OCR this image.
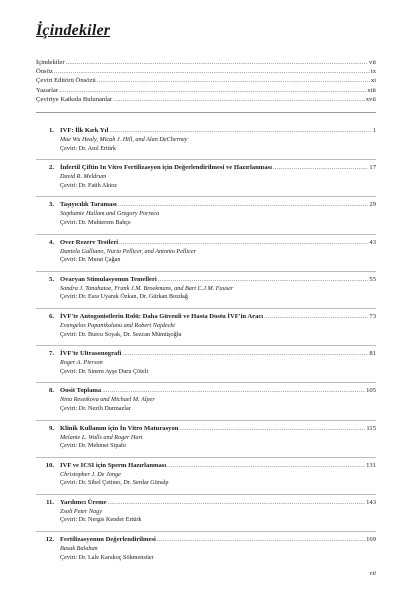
İçindekiler
İçindekiler .....	vii
Önsöz .....	ix
Çeviri Editörü Önsözü .....	xi
Yazarlar .....	xiii
Çeviriye Katkıda Bulunanlar .....	xvii
1. IVF: İlk Kırk Yıl .....	1
Mae Wu Healy, Micah J. Hill, and Alan DeCherney
Çeviri: Dr. Anıl Ertürk
2. İnfertil Çiftin In Vitro Fertilizasyon için Değerlendirilmesi ve Hazırlanması .....	17
David R. Meldrum
Çeviri: Dr. Fatih Aktoz
3. Taşıyıcılık Taraması .....	29
Stephanie Hallam and Gregory Porreca
Çeviri: Dr. Muhterem Bahçe
4. Over Rezerv Testleri .....	43
Daniela Galliano, Nuria Pellicer, and Antonio Pellicer
Çeviri: Dr. Murat Çağan
5. Ovaryan Stimulasyonun Temelleri .....	55
Sandra J. Tanahatoe, Frank J.M. Broekmans, and Bart C.J.M. Fauser
Çeviri: Dr. Esra Uyanık Özkan, Dr. Gürkan Bozdağ
6. İVF'te Antogonistlerin Rolü: Daha Güvenli ve Hasta Dostu İVF'in Aracı .....	73
Evangelos Papanikolaou and Robert Najdecki
Çeviri: Dr. Burcu Soyak, Dr. Sezcan Mümüşoğlu
7. İVF'te Ultrasonografi .....	81
Roger A. Pierson
Çeviri: Dr. Sinem Ayşe Duru Çöteli
8. Oosit Toplama .....	105
Nina Resetkova and Michael M. Alper
Çeviri: Dr. Nezih Durmazlar
9. Klinik Kullanım için İn Vitro Maturasyon .....	115
Melanie L. Walls and Roger Hart
Çeviri: Dr. Mehmet Sipahi
10. IVF ve ICSI için Sperm Hazırlanması .....	131
Christopher J. De Jonge
Çeviri: Dr. Sibel Çetiner, Dr. Serdar Günalp
11. Yardımcı Üreme .....	143
Zsolt Peter Nagy
Çeviri: Dr. Nergis Kender Ertürk
12. Fertilizasyonun Değerlendirilmesi .....	169
Basak Balaban
Çeviri: Dr. Lale Karakoç Sökmensüer
vii
